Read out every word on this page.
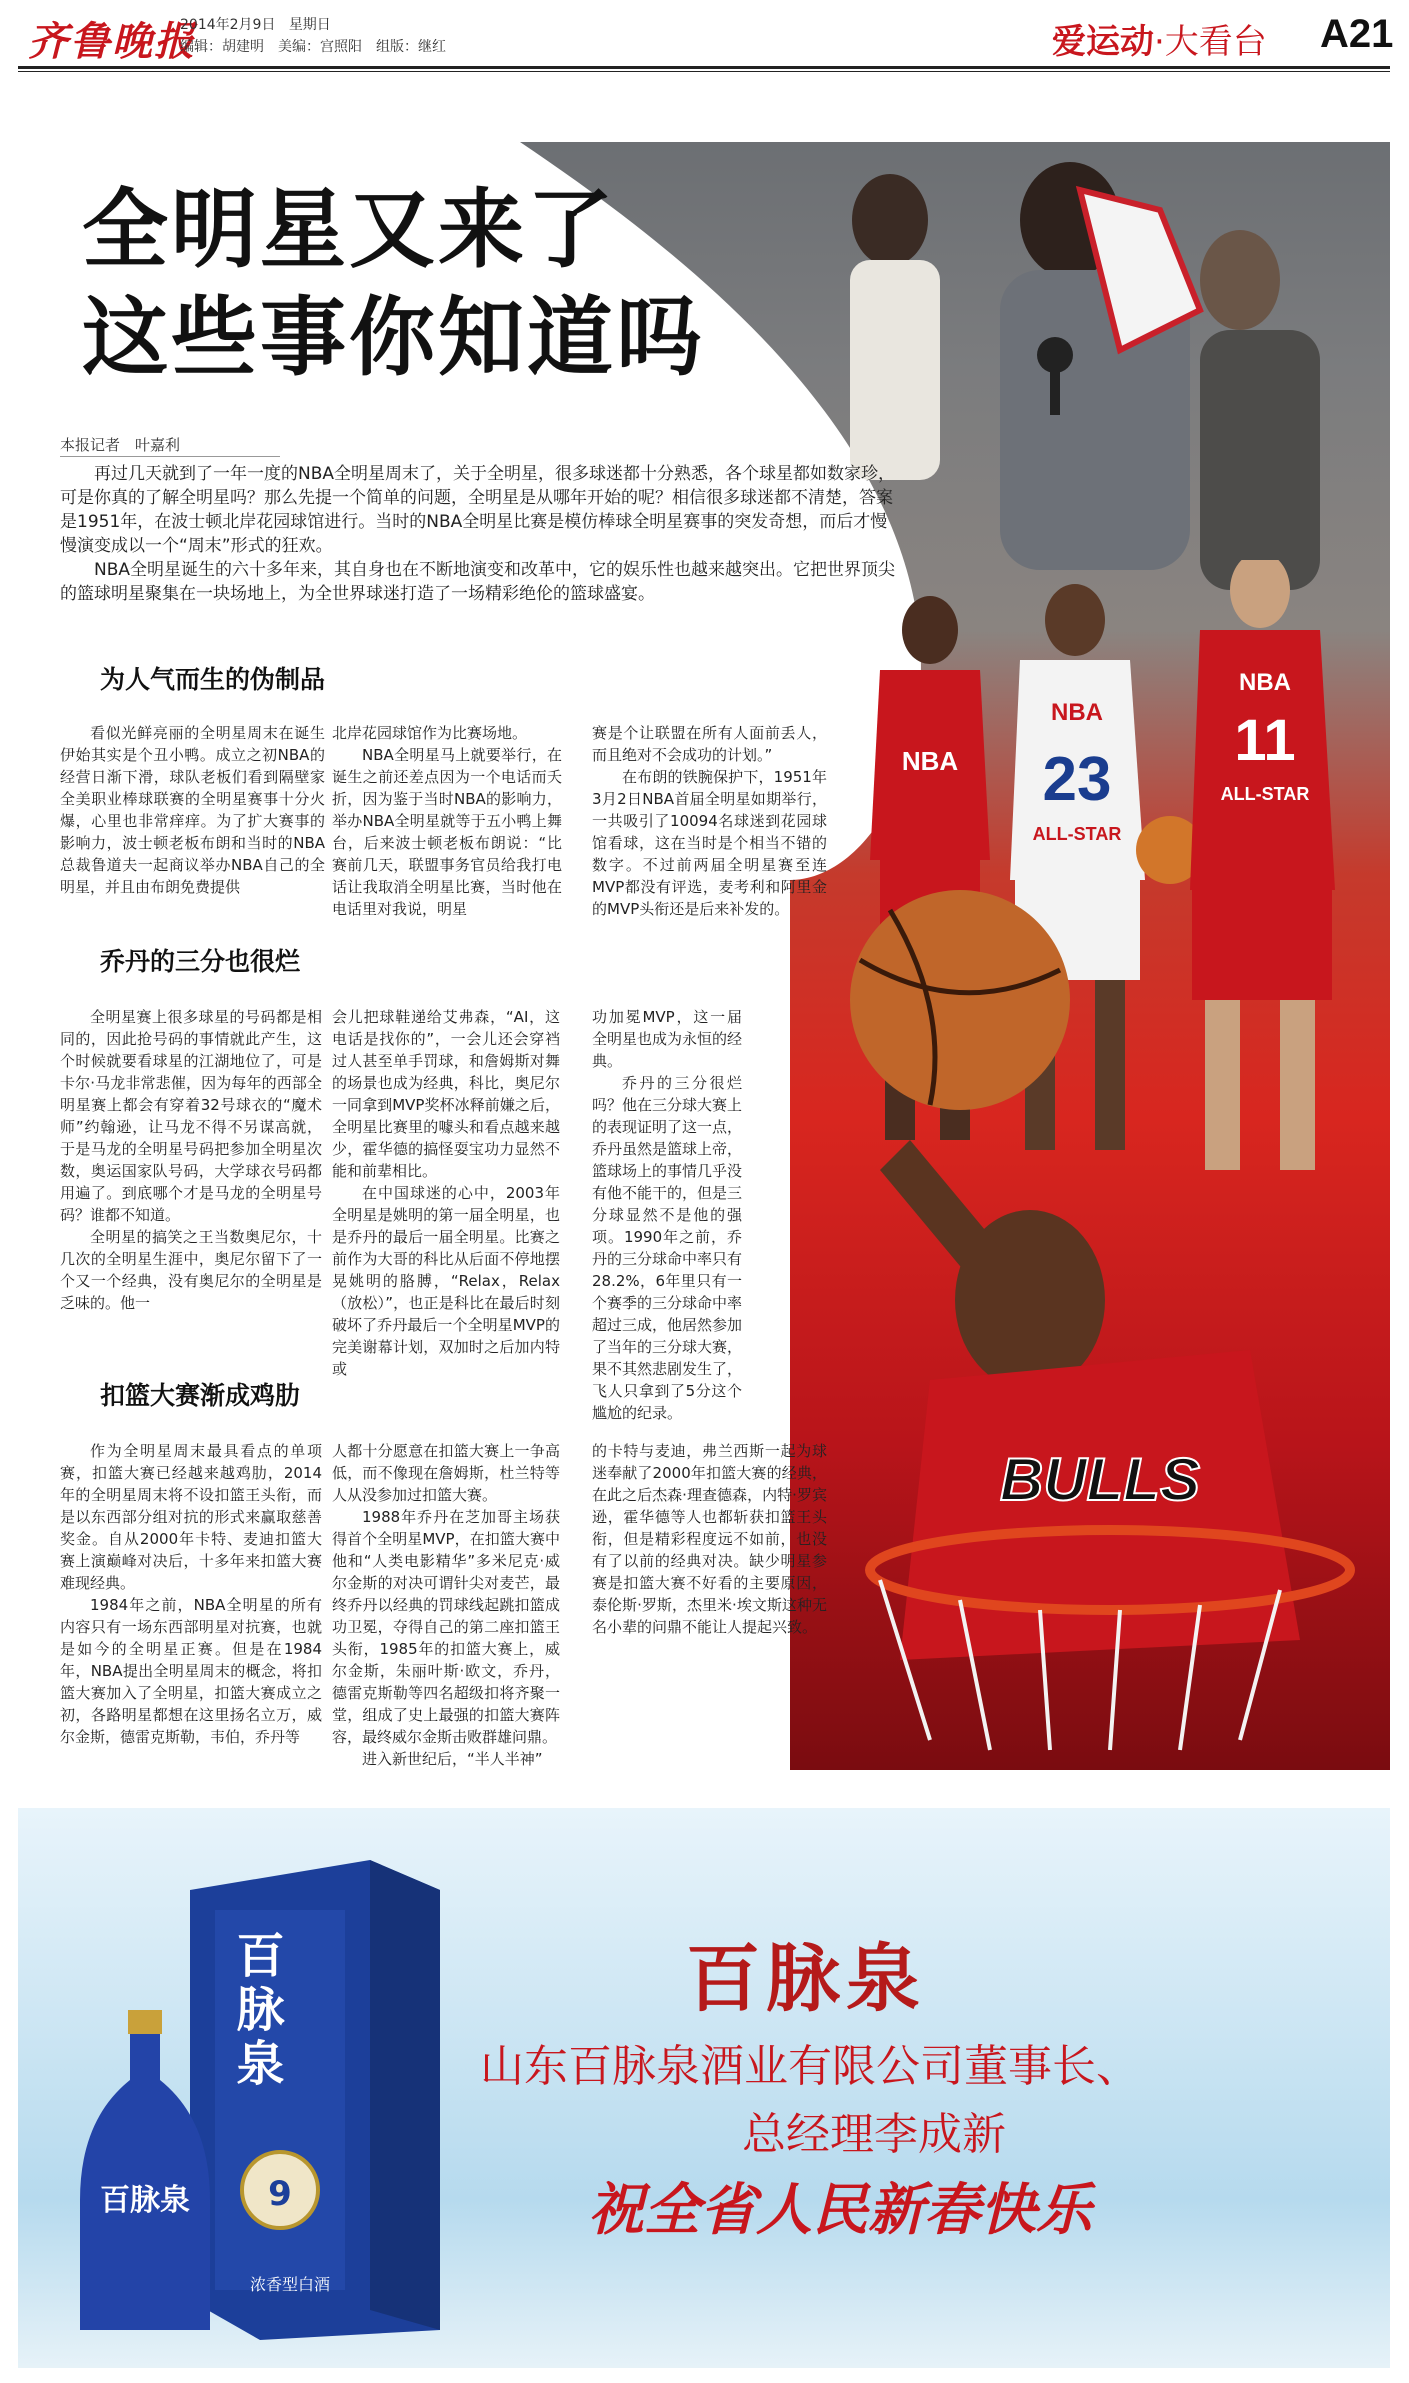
齐鲁晚报
2014年2月9日 星期日
编辑：胡建明　美编：宫照阳　组版：继红	爱运动·大看台 A21
NBA
NBA
23
ALL-STAR
NBA
11
ALL-STAR
BULLS
全明星又来了
这些事你知道吗
本报记者　叶嘉利

再过几天就到了一年一度的NBA全明星周末了，关于全明星，很多球迷都十分熟悉，各个球星都如数家珍，可是你真的了解全明星吗？那么先提一个简单的问题，全明星是从哪年开始的呢？相信很多球迷都不清楚，答案是1951年，在波士顿北岸花园球馆进行。当时的NBA全明星比赛是模仿棒球全明星赛事的突发奇想，而后才慢慢演变成以一个“周末”形式的狂欢。

NBA全明星诞生的六十多年来，其自身也在不断地演变和改革中，它的娱乐性也越来越突出。它把世界顶尖的篮球明星聚集在一块场地上，为全世界球迷打造了一场精彩绝伦的篮球盛宴。

为人气而生的伪制品

看似光鲜亮丽的全明星周末在诞生伊始其实是个丑小鸭。成立之初NBA的经营日渐下滑，球队老板们看到隔壁家全美职业棒球联赛的全明星赛事十分火爆，心里也非常痒痒。为了扩大赛事的影响力，波士顿老板布朗和当时的NBA总裁鲁道夫一起商议举办NBA自己的全明星，并且由布朗免费提供

北岸花园球馆作为比赛场地。

NBA全明星马上就要举行，在诞生之前还差点因为一个电话而夭折，因为鉴于当时NBA的影响力，举办NBA全明星就等于五小鸭上舞台，后来波士顿老板布朗说：“比赛前几天，联盟事务官员给我打电话让我取消全明星比赛，当时他在电话里对我说，明星

赛是个让联盟在所有人面前丢人，而且绝对不会成功的计划。”

在布朗的铁腕保护下，1951年3月2日NBA首届全明星如期举行，一共吸引了10094名球迷到花园球馆看球，这在当时是个相当不错的数字。不过前两届全明星赛至连MVP都没有评选，麦考利和阿里金的MVP头衔还是后来补发的。

乔丹的三分也很烂

全明星赛上很多球星的号码都是相同的，因此抢号码的事情就此产生，这个时候就要看球星的江湖地位了，可是卡尔·马龙非常悲催，因为每年的西部全明星赛上都会有穿着32号球衣的“魔术师”约翰逊，让马龙不得不另谋高就，于是马龙的全明星号码把参加全明星次数，奥运国家队号码，大学球衣号码都用遍了。到底哪个才是马龙的全明星号码？谁都不知道。

全明星的搞笑之王当数奥尼尔，十几次的全明星生涯中，奥尼尔留下了一个又一个经典，没有奥尼尔的全明星是乏味的。他一

会儿把球鞋递给艾弗森，“AI，这电话是找你的”，一会儿还会穿裆过人甚至单手罚球，和詹姆斯对舞的场景也成为经典，科比，奥尼尔一同拿到MVP奖杯冰释前嫌之后，全明星比赛里的噱头和看点越来越少，霍华德的搞怪耍宝功力显然不能和前辈相比。

在中国球迷的心中，2003年全明星是姚明的第一届全明星，也是乔丹的最后一届全明星。比赛之前作为大哥的科比从后面不停地摆晃姚明的胳膊，“Relax，Relax（放松）”，也正是科比在最后时刻破坏了乔丹最后一个全明星MVP的完美谢幕计划，双加时之后加内特或

功加冕MVP，这一届全明星也成为永恒的经典。

乔丹的三分很烂吗？他在三分球大赛上的表现证明了这一点，乔丹虽然是篮球上帝，篮球场上的事情几乎没有他不能干的，但是三分球显然不是他的强项。1990年之前，乔丹的三分球命中率只有28.2%，6年里只有一个赛季的三分球命中率超过三成，他居然参加了当年的三分球大赛，果不其然悲剧发生了，飞人只拿到了5分这个尴尬的纪录。

扣篮大赛渐成鸡肋

作为全明星周末最具看点的单项赛，扣篮大赛已经越来越鸡肋，2014年的全明星周末将不设扣篮王头衔，而是以东西部分组对抗的形式来赢取慈善奖金。自从2000年卡特、麦迪扣篮大赛上演巅峰对决后，十多年来扣篮大赛难现经典。

1984年之前，NBA全明星的所有内容只有一场东西部明星对抗赛，也就是如今的全明星正赛。但是在1984年，NBA提出全明星周末的概念，将扣篮大赛加入了全明星，扣篮大赛成立之初，各路明星都想在这里扬名立万，威尔金斯，德雷克斯勒，韦伯，乔丹等

人都十分愿意在扣篮大赛上一争高低，而不像现在詹姆斯，杜兰特等人从没参加过扣篮大赛。

1988年乔丹在芝加哥主场获得首个全明星MVP，在扣篮大赛中他和“人类电影精华”多米尼克·威尔金斯的对决可谓针尖对麦芒，最终乔丹以经典的罚球线起跳扣篮成功卫冕，夺得自己的第二座扣篮王头衔，1985年的扣篮大赛上，威尔金斯，朱丽叶斯·欧文，乔丹，德雷克斯勒等四名超级扣将齐聚一堂，组成了史上最强的扣篮大赛阵容，最终威尔金斯击败群雄问鼎。

进入新世纪后，“半人半神”

的卡特与麦迪，弗兰西斯一起为球迷奉献了2000年扣篮大赛的经典，在此之后杰森·理查德森，内特·罗宾逊，霍华德等人也都斩获扣篮王头衔，但是精彩程度远不如前，也没有了以前的经典对决。缺少明星参赛是扣篮大赛不好看的主要原因，泰伦斯·罗斯，杰里米·埃文斯这种无名小辈的问鼎不能让人提起兴致。

9
浓香型白酒
百脉泉
百脉泉	百脉泉
山东百脉泉酒业有限公司董事长、
总经理李成新
祝全省人民新春快乐
